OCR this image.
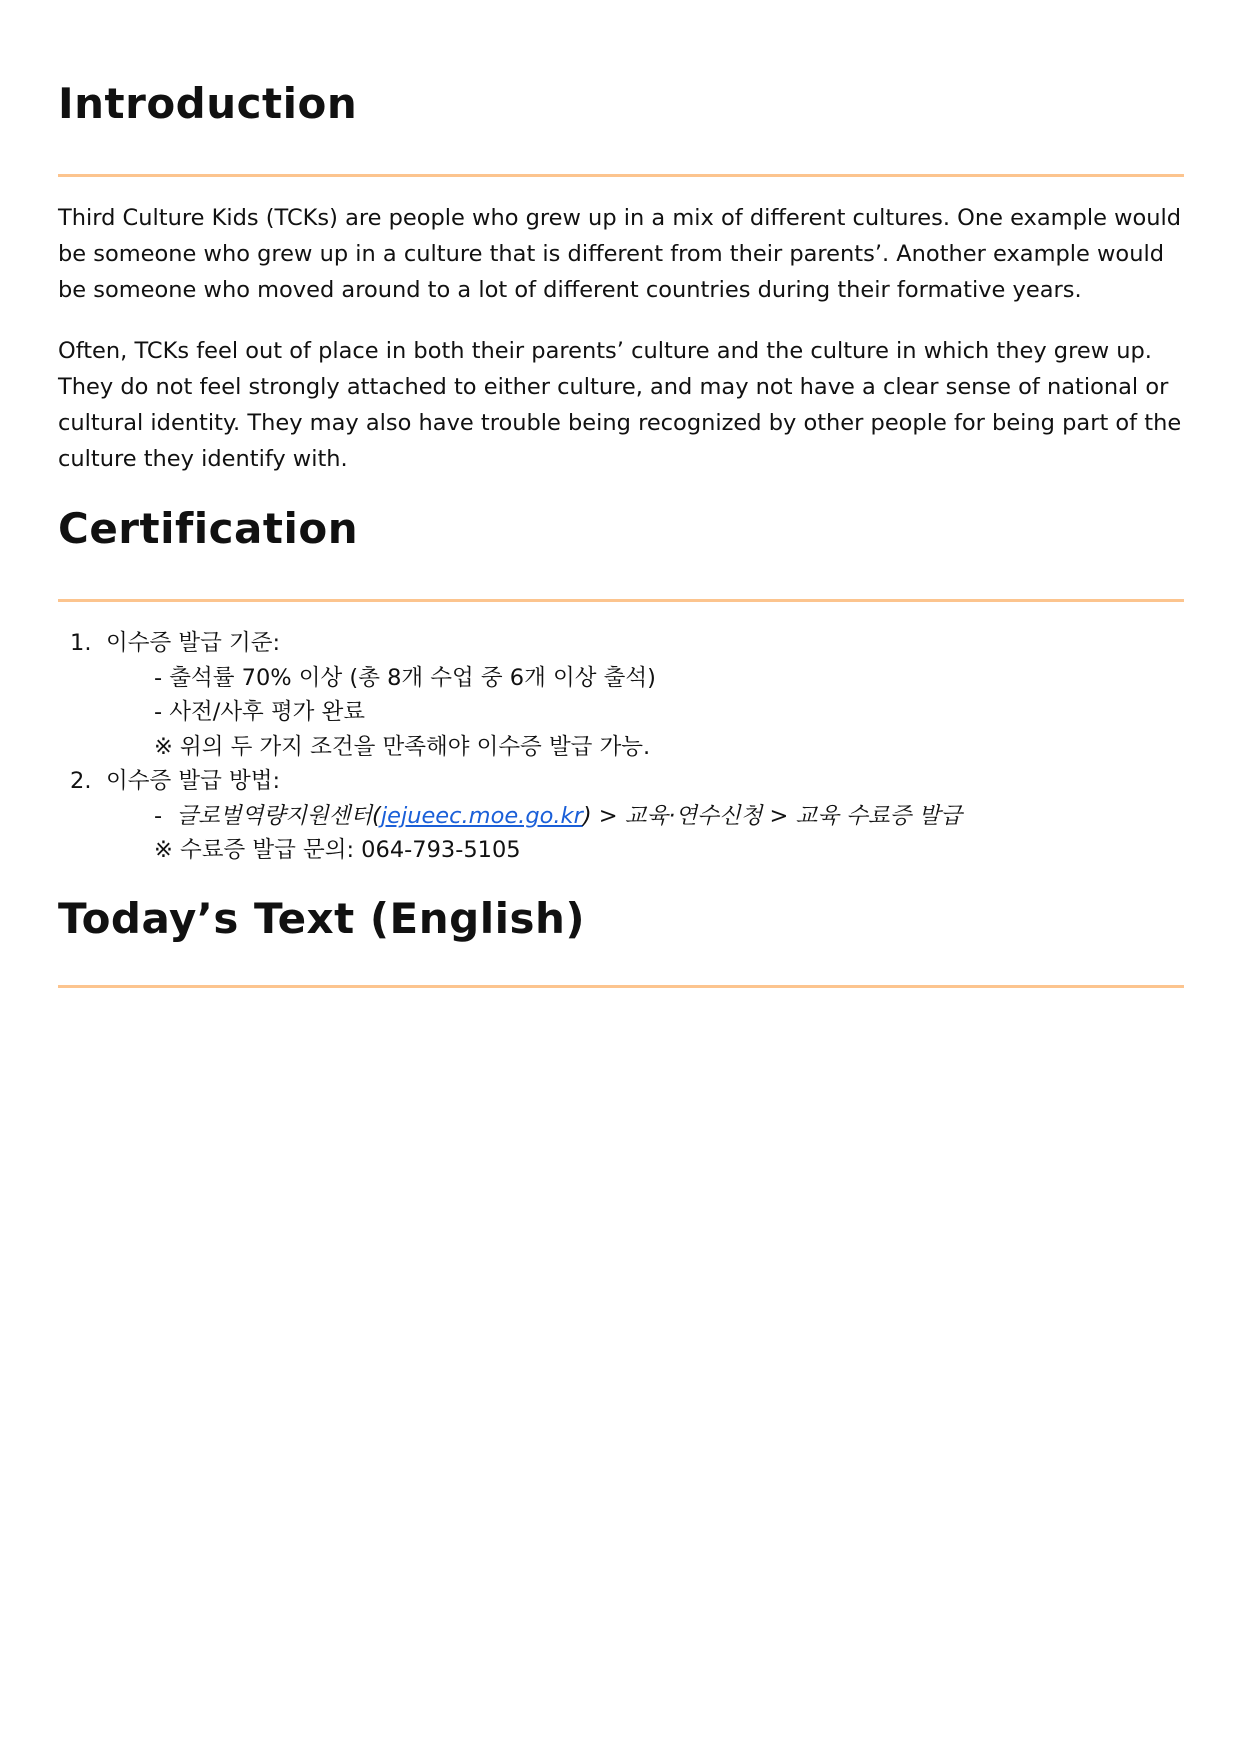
Introduction

Third Culture Kids (TCKs) are people who grew up in a mix of different cultures. One example would be someone who grew up in a culture that is different from their parents’. Another example would be someone who moved around to a lot of different countries during their formative years.

Often, TCKs feel out of place in both their parents’ culture and the culture in which they grew up. They do not feel strongly attached to either culture, and may not have a clear sense of national or cultural identity. They may also have trouble being recognized by other people for being part of the culture they identify with.

Certification
1. 이수증 발급 기준:
- 출석률 70% 이상 (총 8개 수업 중 6개 이상 출석)
- 사전/사후 평가 완료
※ 위의 두 가지 조건을 만족해야 이수증 발급 가능.
2. 이수증 발급 방법:
-  글로벌역량지원센터(jejueec.moe.go.kr) > 교육·연수신청 > 교육 수료증 발급
※ 수료증 발급 문의: 064-793-5105
Today’s Text (English)
